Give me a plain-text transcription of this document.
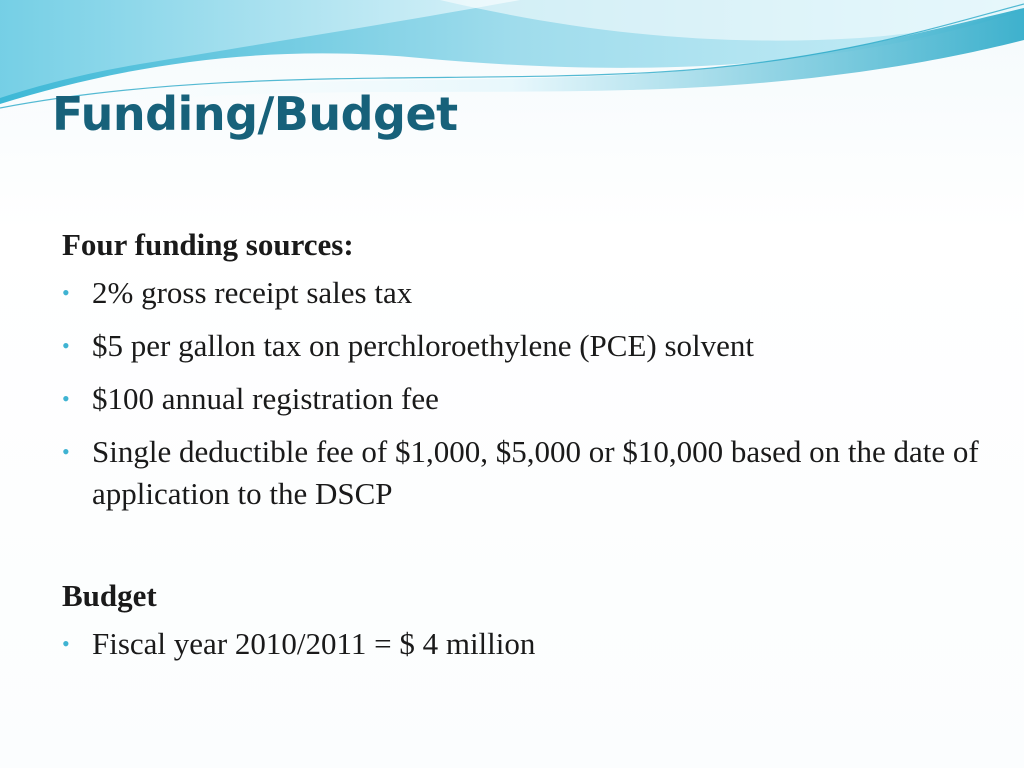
Funding/Budget

Four funding sources:

• 2% gross receipt sales tax
• $5 per gallon tax on perchloroethylene (PCE) solvent
• $100 annual registration fee
• Single deductible fee of $1,000, $5,000 or $10,000 based on the date of application to the DSCP

Budget

• Fiscal year 2010/2011 = $ 4 million
